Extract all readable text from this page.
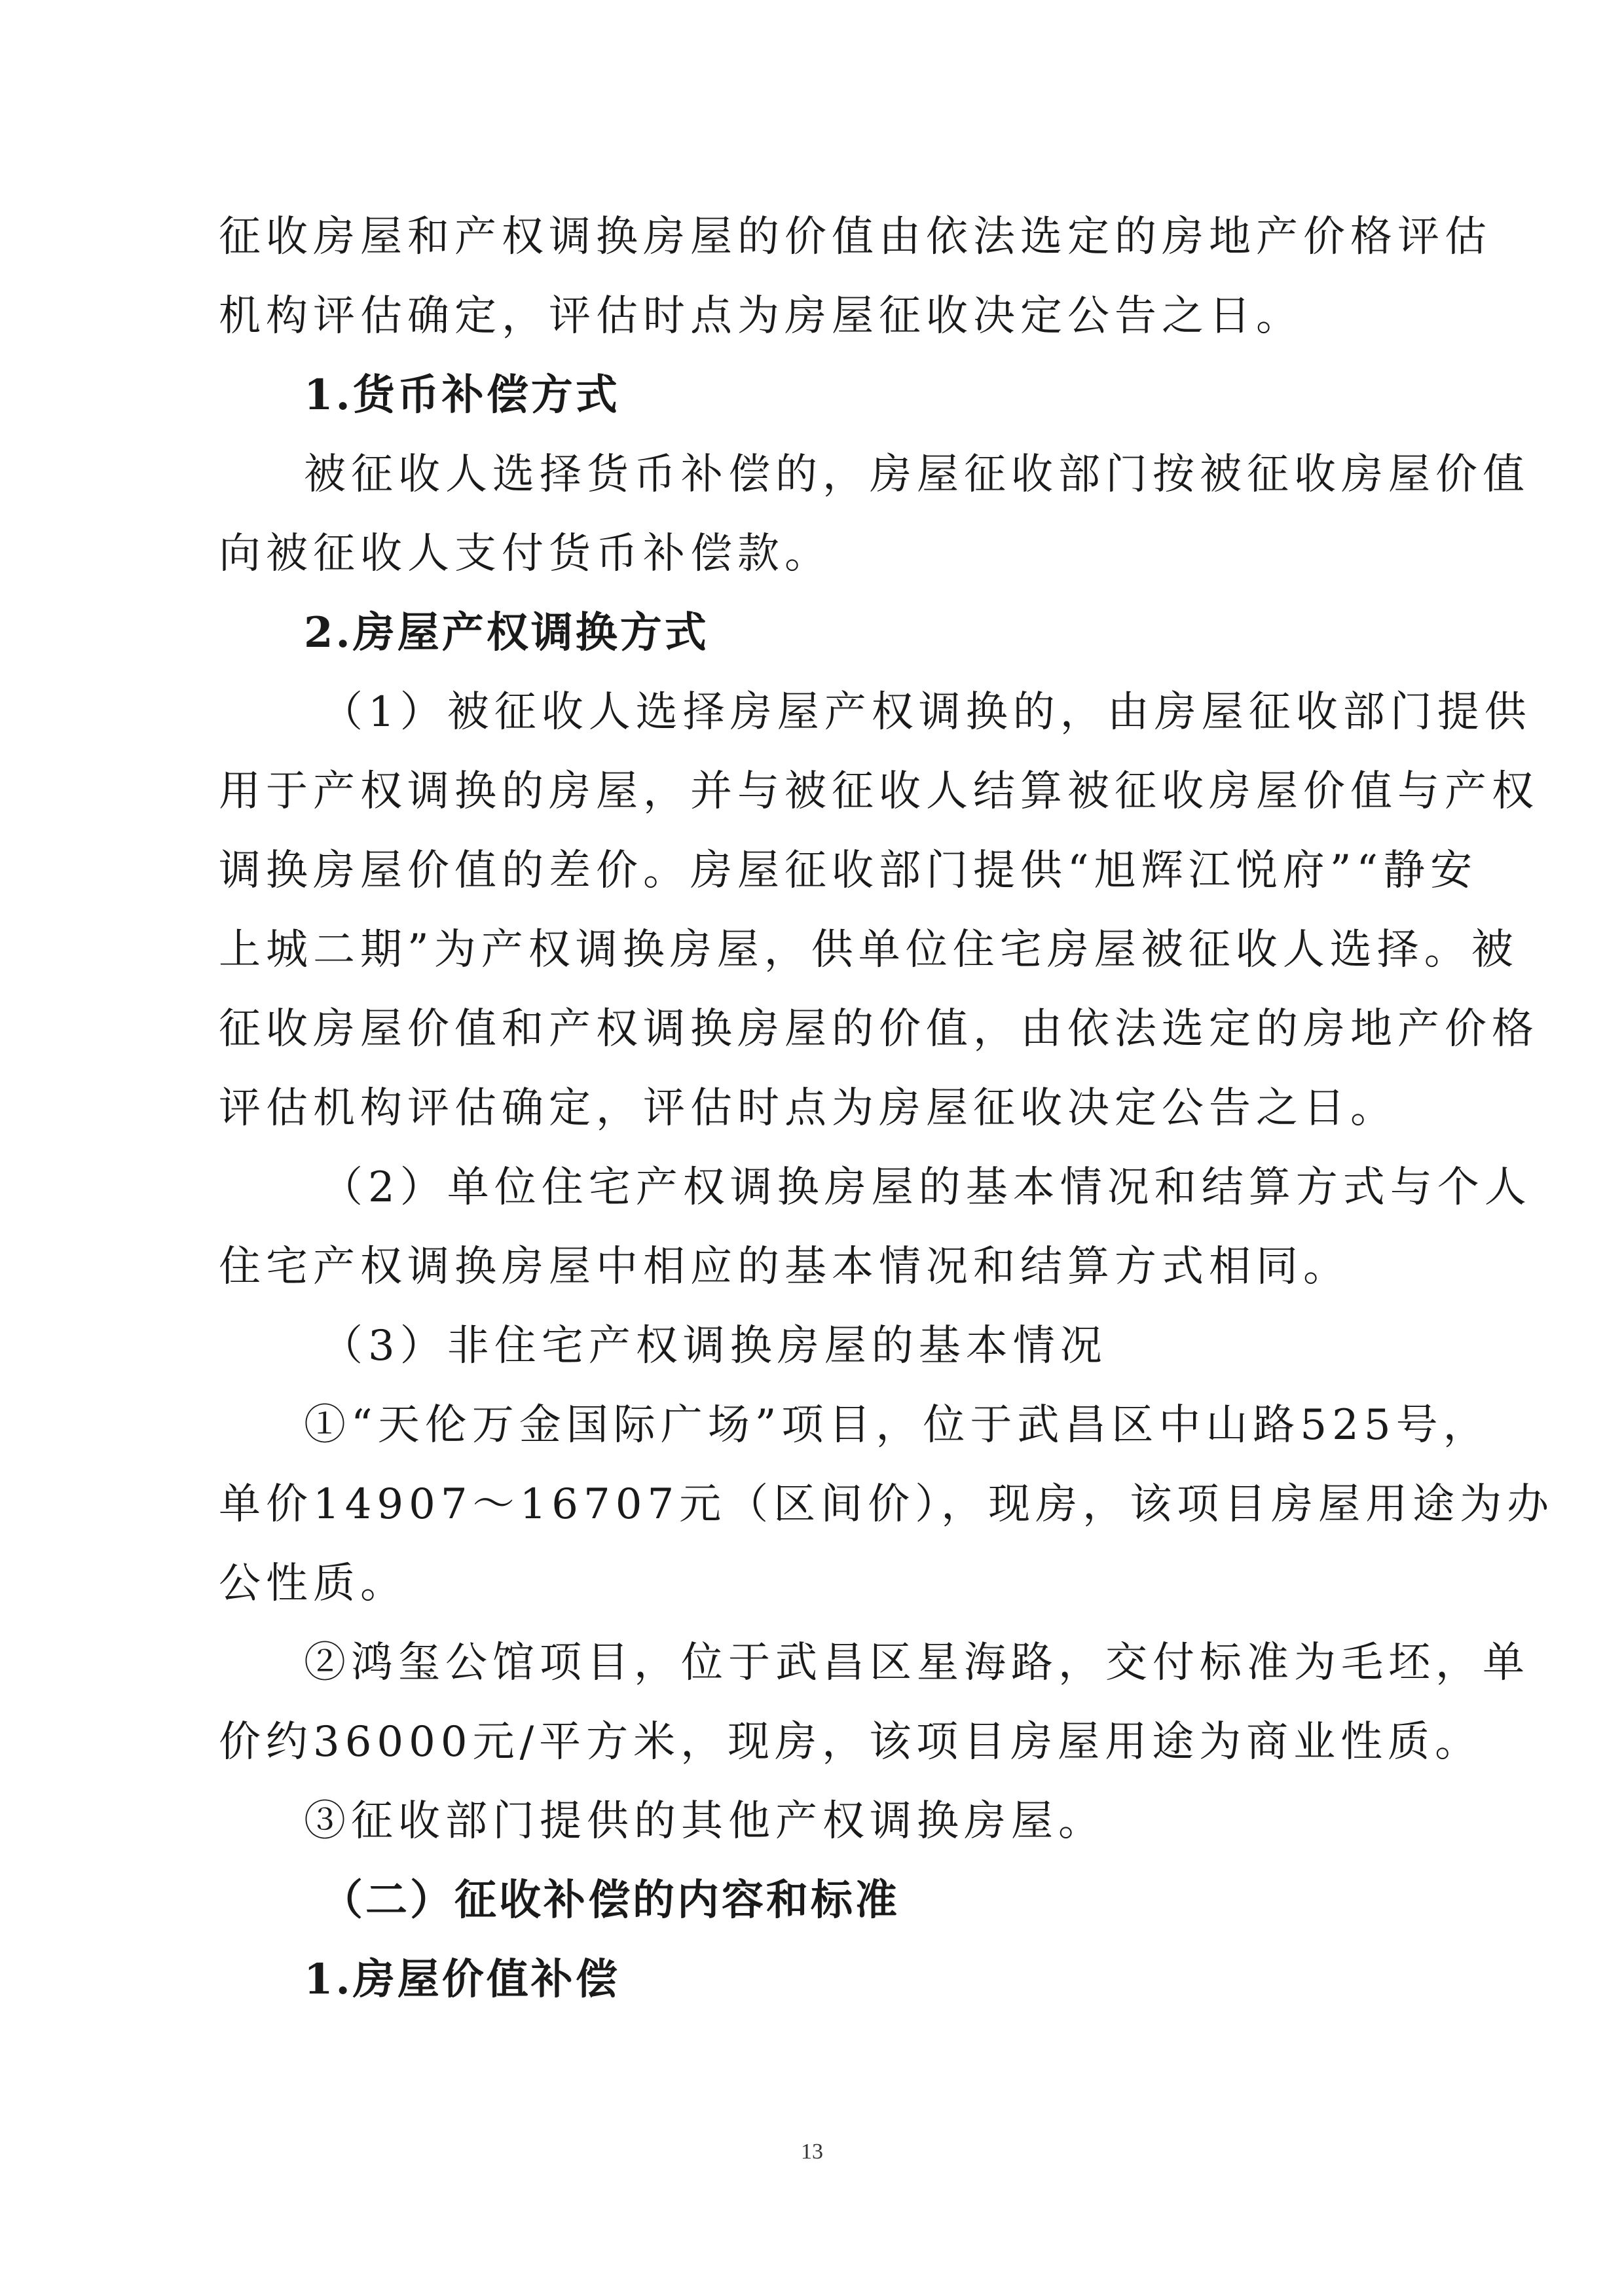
征收房屋和产权调换房屋的价值由依法选定的房地产价格评估
机构评估确定，评估时点为房屋征收决定公告之日。
1.货币补偿方式
被征收人选择货币补偿的，房屋征收部门按被征收房屋价值
向被征收人支付货币补偿款。
2.房屋产权调换方式
（1）被征收人选择房屋产权调换的，由房屋征收部门提供
用于产权调换的房屋，并与被征收人结算被征收房屋价值与产权
调换房屋价值的差价。房屋征收部门提供“旭辉江悦府”“静安
上城二期”为产权调换房屋，供单位住宅房屋被征收人选择。被
征收房屋价值和产权调换房屋的价值，由依法选定的房地产价格
评估机构评估确定，评估时点为房屋征收决定公告之日。
（2）单位住宅产权调换房屋的基本情况和结算方式与个人
住宅产权调换房屋中相应的基本情况和结算方式相同。
（3）非住宅产权调换房屋的基本情况
①“天伦万金国际广场”项目，位于武昌区中山路525号，
单价14907～16707元（区间价），现房，该项目房屋用途为办
公性质。
②鸿玺公馆项目，位于武昌区星海路，交付标准为毛坯，单
价约36000元/平方米，现房，该项目房屋用途为商业性质。
③征收部门提供的其他产权调换房屋。
（二）征收补偿的内容和标准
1.房屋价值补偿
13
